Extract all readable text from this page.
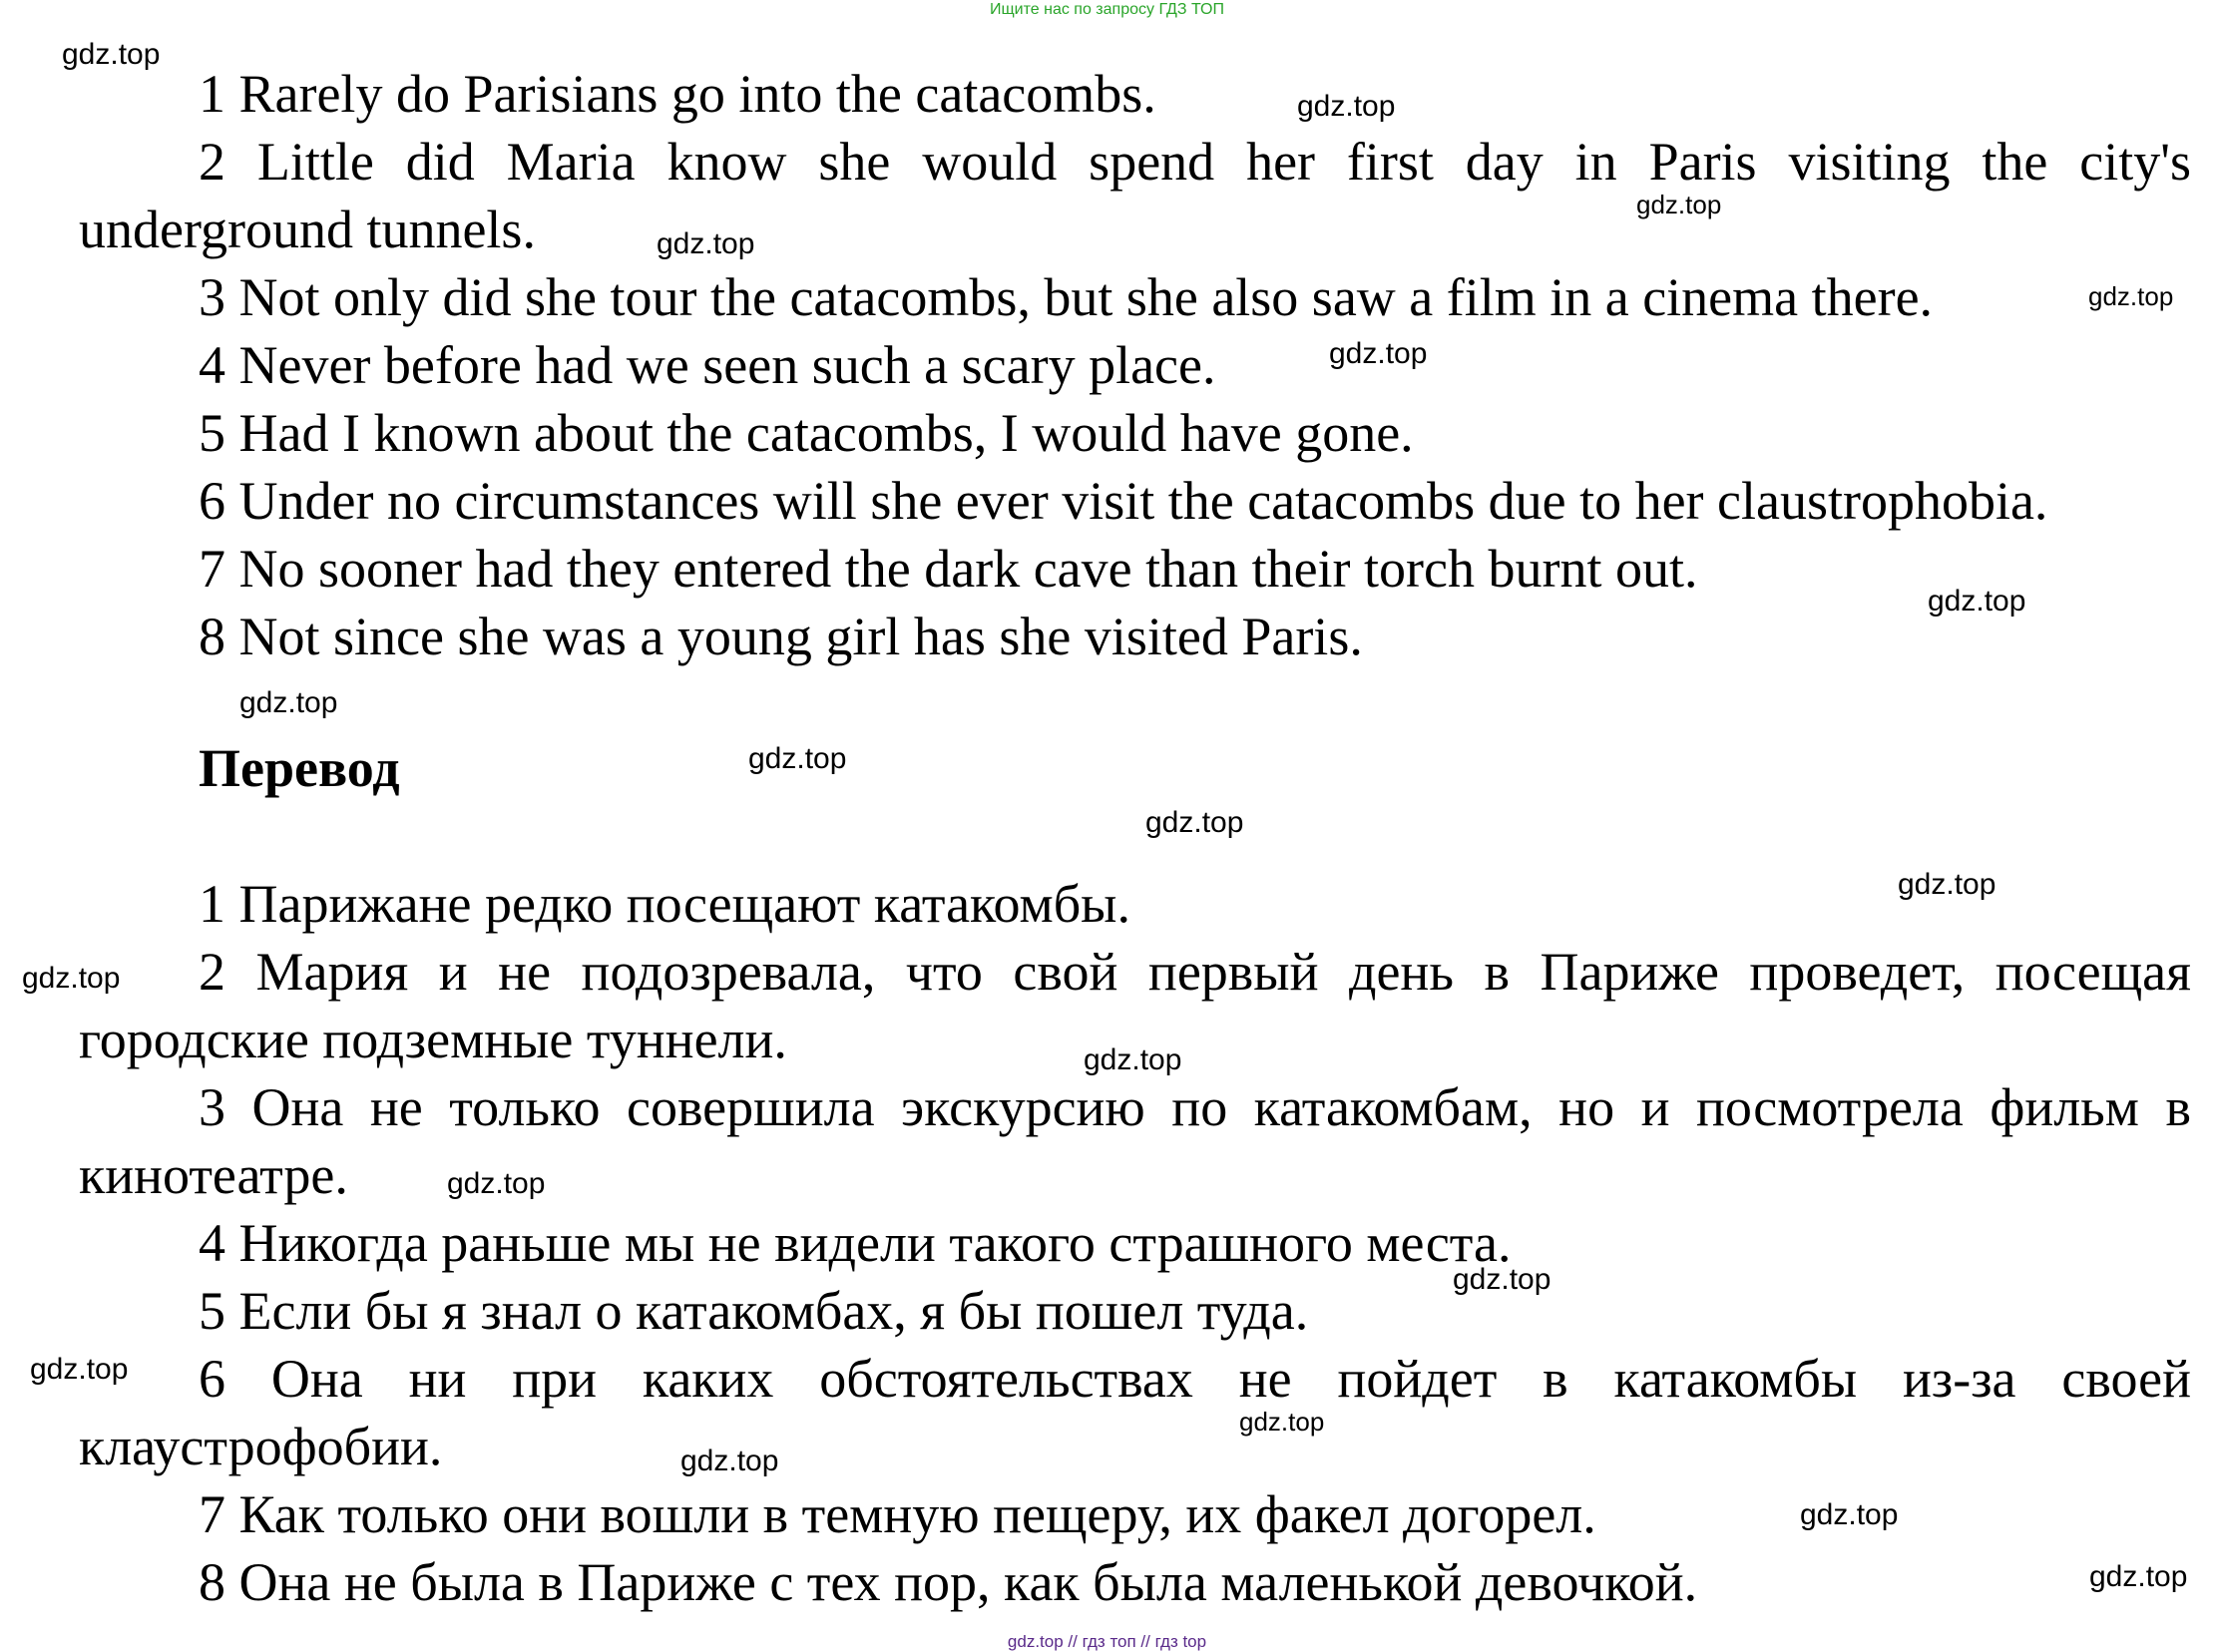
Ищите нас по запросу ГДЗ ТОП
1 Rarely do Parisians go into the catacombs.
2 Little did Maria know she would spend her first day in Paris visiting the city's underground tunnels.
3 Not only did she tour the catacombs, but she also saw a film in a cinema there.
4 Never before had we seen such a scary place.
5 Had I known about the catacombs, I would have gone.
6 Under no circumstances will she ever visit the catacombs due to her claustrophobia.
7 No sooner had they entered the dark cave than their torch burnt out.
8 Not since she was a young girl has she visited Paris.
Перевод
1 Парижане редко посещают катакомбы.
2 Мария и не подозревала, что свой первый день в Париже проведет, посещая городские подземные туннели.
3 Она не только совершила экскурсию по катакомбам, но и посмотрела фильм в кинотеатре.
4 Никогда раньше мы не видели такого страшного места.
5 Если бы я знал о катакомбах, я бы пошел туда.
6 Она ни при каких обстоятельствах не пойдет в катакомбы из-за своей клаустрофобии.
7 Как только они вошли в темную пещеру, их факел догорел.
8 Она не была в Париже с тех пор, как была маленькой девочкой.
gdz.top
gdz.top
gdz.top
gdz.top
gdz.top
gdz.top
gdz.top
gdz.top
gdz.top
gdz.top
gdz.top
gdz.top
gdz.top
gdz.top
gdz.top
gdz.top
gdz.top
gdz.top
gdz.top
gdz.top
gdz.top // гдз топ // гдз top
